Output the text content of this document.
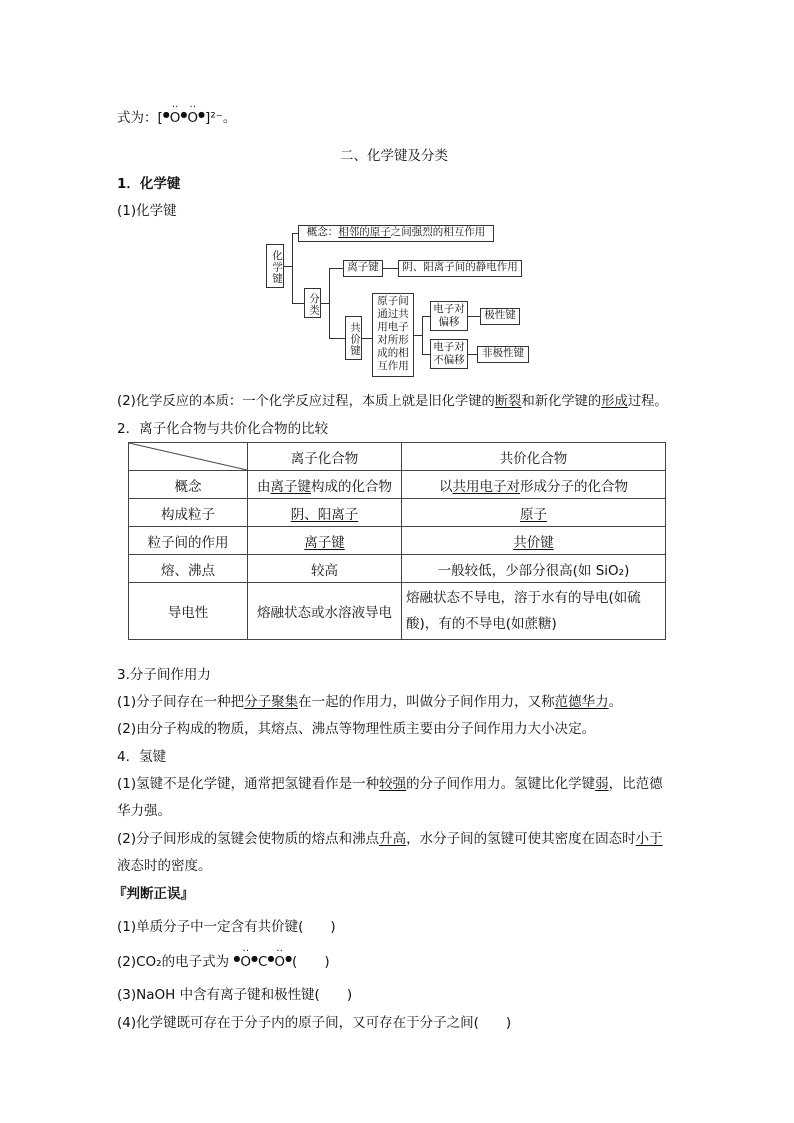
式为：[●‥ O●‥ O●]²⁻。
二、化学键及分类
1．化学键
(1)化学键
化学键
概念：相邻的原子之间强烈的相互作用
分类
离子键	阴、阳离子间的静电作用
共价键
原子间通过共用电子对所形成的相互作用
电子对偏移
极性键
电子对不偏移
非极性键
(2)化学反应的本质：一个化学反应过程，本质上就是旧化学键的断裂和新化学键的形成过程。
2．离子化合物与共价化合物的比较
	离子化合物	共价化合物
概念	由离子键构成的化合物	以共用电子对形成分子的化合物
构成粒子	阴、阳离子	原子
粒子间的作用	离子键	共价键
熔、沸点	较高	一般较低，少部分很高(如 SiO₂)
导电性	熔融状态或水溶液导电	熔融状态不导电，溶于水有的导电(如硫酸)，有的不导电(如蔗糖)
3.分子间作用力
(1)分子间存在一种把分子聚集在一起的作用力，叫做分子间作用力，又称范德华力。
(2)由分子构成的物质，其熔点、沸点等物理性质主要由分子间作用力大小决定。
4．氢键
(1)氢键不是化学键，通常把氢键看作是一种较强的分子间作用力。氢键比化学键弱，比范德
华力强。
(2)分子间形成的氢键会使物质的熔点和沸点升高，水分子间的氢键可使其密度在固态时小于
液态时的密度。
『判断正误』
(1)单质分子中一定含有共价键(　　)
(2)CO₂的电子式为 ●‥ O●C●‥ O●(　　)
(3)NaOH 中含有离子键和极性键(　　)
(4)化学键既可存在于分子内的原子间，又可存在于分子之间(　　)
